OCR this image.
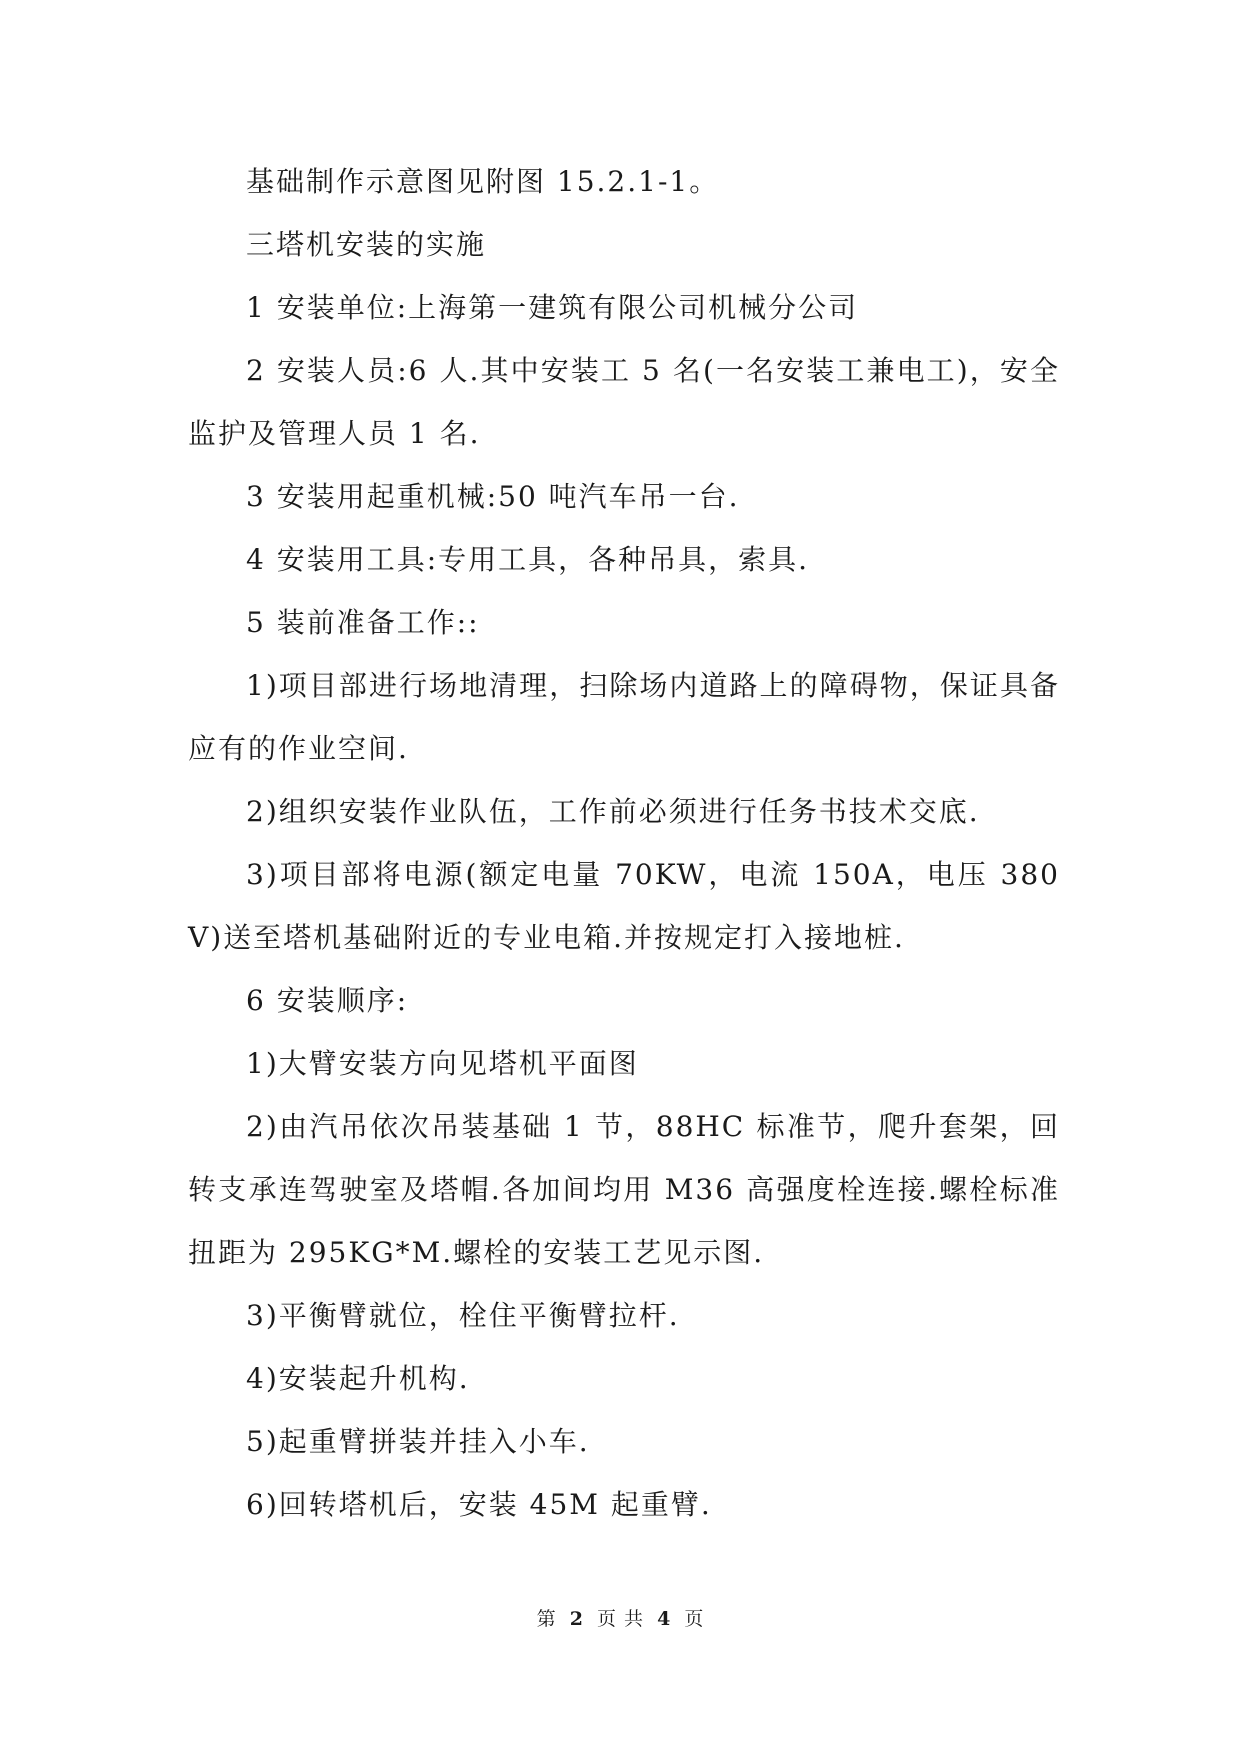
基础制作示意图见附图 15.2.1-1。

三塔机安装的实施

1 安装单位:上海第一建筑有限公司机械分公司

2 安装人员:6 人.其中安装工 5 名(一名安装工兼电工)，安全监护及管理人员 1 名.

3 安装用起重机械:50 吨汽车吊一台.

4 安装用工具:专用工具，各种吊具，索具.

5 装前准备工作::

1)项目部进行场地清理，扫除场内道路上的障碍物，保证具备应有的作业空间.

2)组织安装作业队伍，工作前必须进行任务书技术交底.

3)项目部将电源(额定电量 70KW，电流 150A，电压 380V)送至塔机基础附近的专业电箱.并按规定打入接地桩.

6 安装顺序:

1)大臂安装方向见塔机平面图

2)由汽吊依次吊装基础 1 节，88HC 标准节，爬升套架，回转支承连驾驶室及塔帽.各加间均用 M36 高强度栓连接.螺栓标准扭距为 295KG*M.螺栓的安装工艺见示图.

3)平衡臂就位，栓住平衡臂拉杆.

4)安装起升机构.

5)起重臂拼装并挂入小车.

6)回转塔机后，安装 45M 起重臂.

第 2 页 共 4 页
